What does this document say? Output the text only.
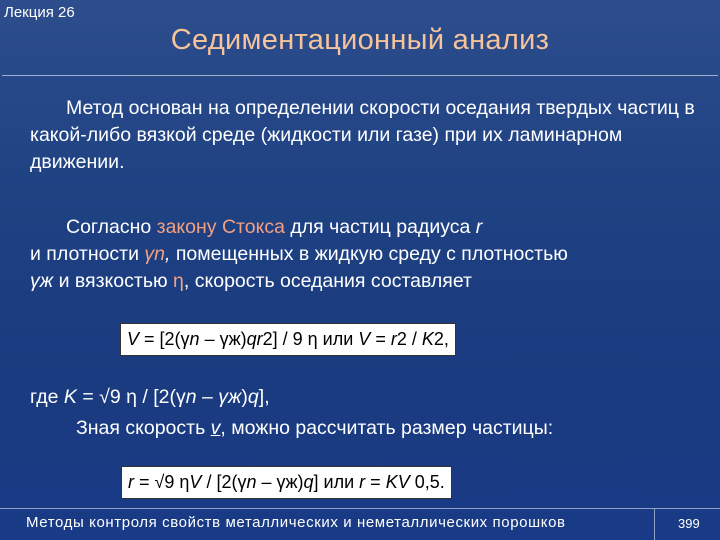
Лекция 26
Седиментационный анализ
Метод основан на определении скорости оседания твердых частиц в какой-либо вязкой среде (жидкости или газе) при их ламинарном движении.
Согласно закону Стокса для частиц радиуса r
и плотности γn, помещенных в жидкую среду с плотностью
γж и вязкостью η, скорость оседания составляет
V = [2(γn – γж)qr2] / 9 η или V = r2 / K2,
где K = √9 η / [2(γn – γж)q],
Зная скорость v, можно рассчитать размер частицы:
r = √9 ηV / [2(γn – γж)q] или r = KV 0,5.
Методы контроля свойств металлических и неметаллических порошков	399
